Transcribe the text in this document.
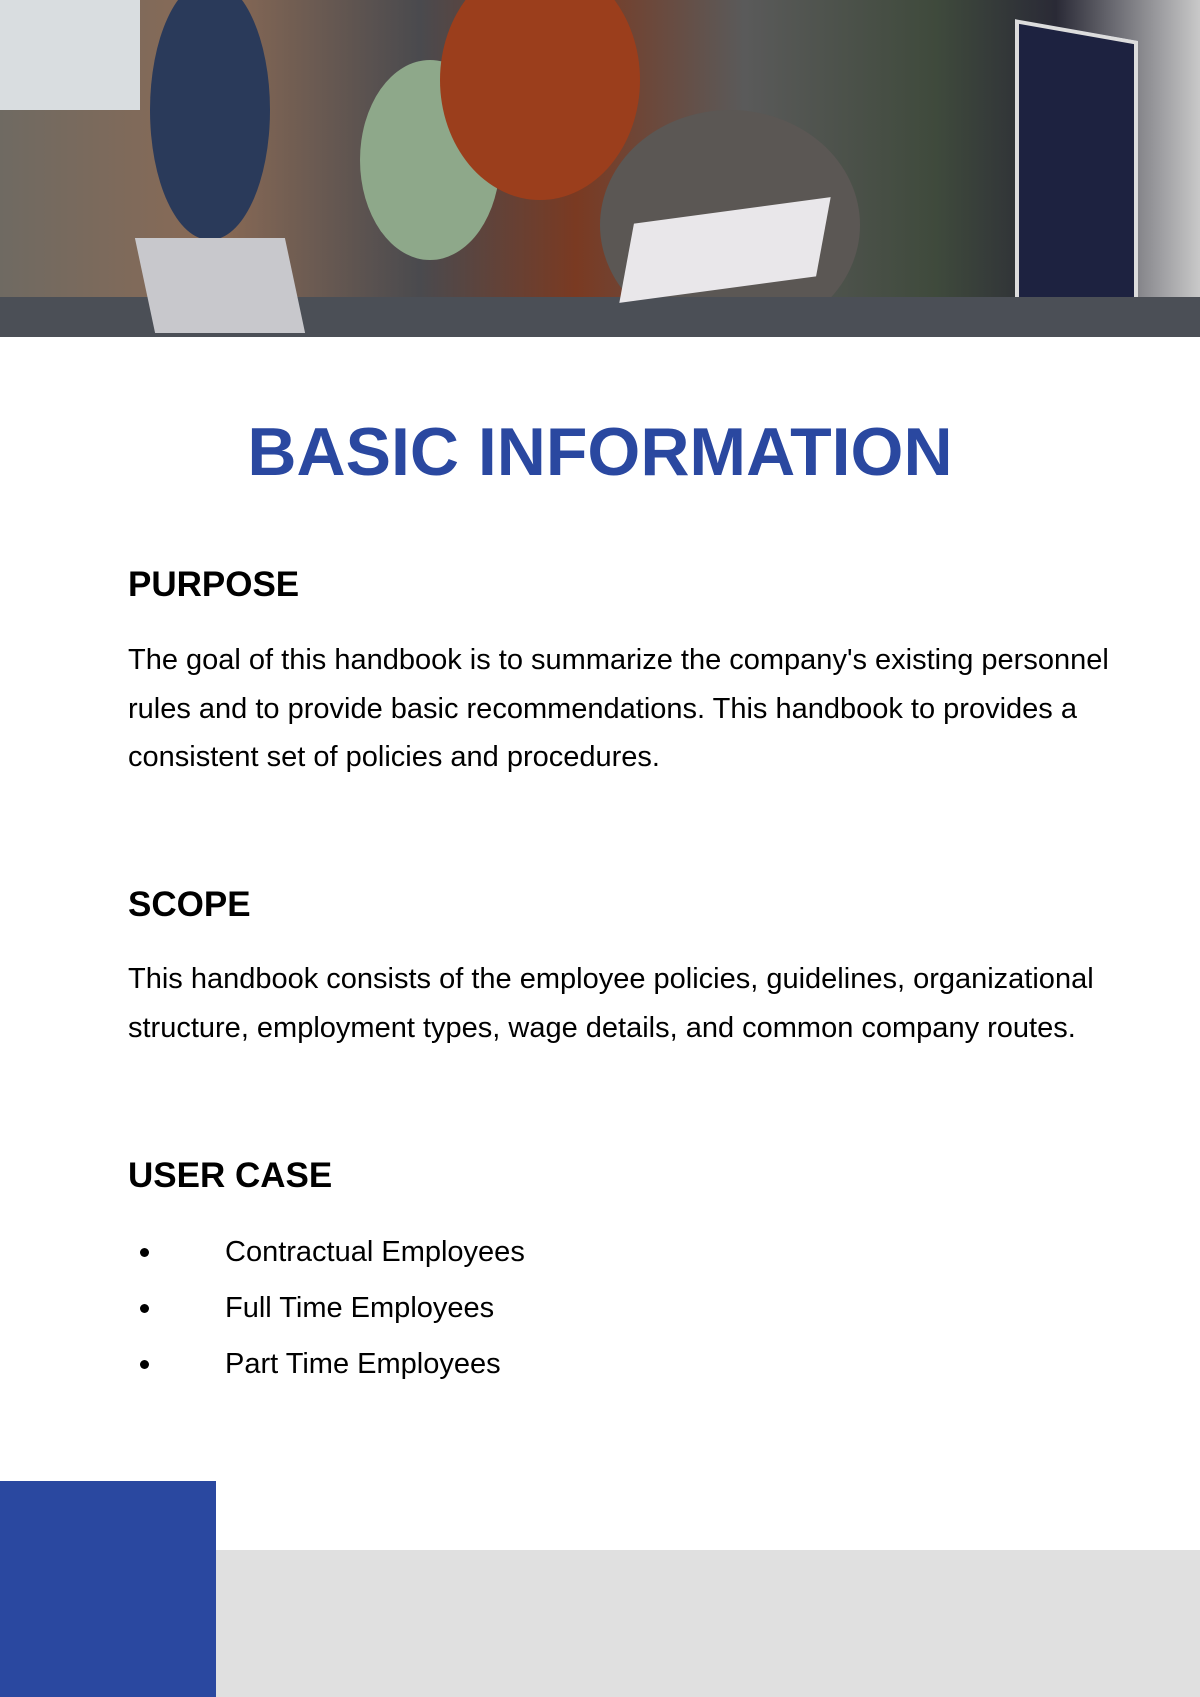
BASIC INFORMATION
PURPOSE

The goal of this handbook is to summarize the company's existing personnel rules and to provide basic recommendations. This handbook to provides a consistent set of policies and procedures.

SCOPE

This handbook consists of the employee policies, guidelines, organizational structure, employment types, wage details, and common company routes.

USER CASE
Contractual Employees
Full Time Employees
Part Time Employees
